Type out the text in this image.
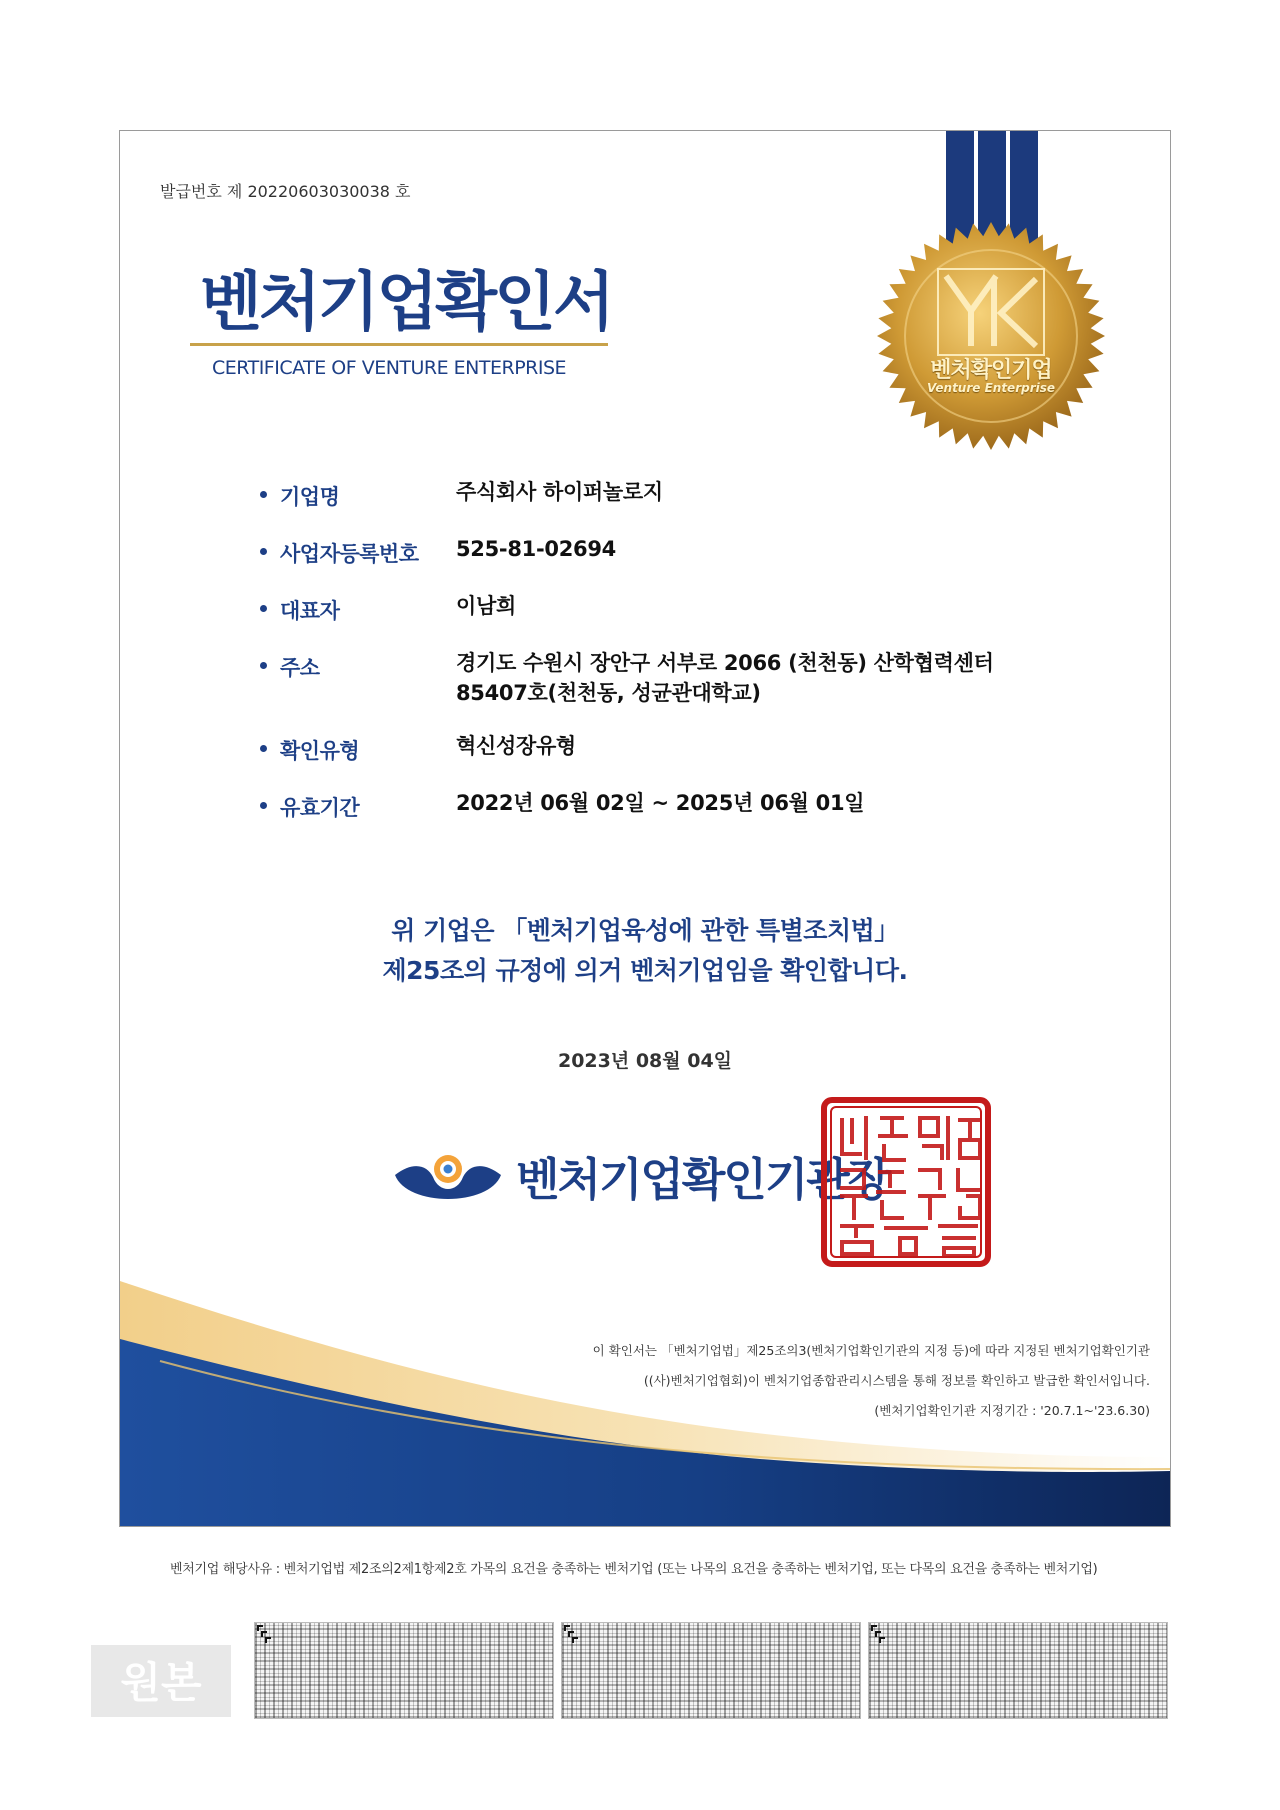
발급번호 제 20220603030038 호
벤처기업확인서
CERTIFICATE OF VENTURE ENTERPRISE	벤처확인기업
Venture Enterprise
기업명	주식회사 하이퍼놀로지
사업자등록번호 525-81-02694
대표자	이남희
주소	경기도 수원시 장안구 서부로 2066 (천천동) 산학협력센터 85407호(천천동, 성균관대학교)
확인유형	혁신성장유형
유효기간	2022년 06월 02일 ~ 2025년 06월 01일
위 기업은 「벤처기업육성에 관한 특별조치법」
제25조의 규정에 의거 벤처기업임을 확인합니다.
2023년 08월 04일
벤처기업확인기관장
이 확인서는 「벤처기업법」제25조의3(벤처기업확인기관의 지정 등)에 따라 지정된 벤처기업확인기관
((사)벤처기업협회)이 벤처기업종합관리시스템을 통해 정보를 확인하고 발급한 확인서입니다.
(벤처기업확인기관 지정기간 : '20.7.1~'23.6.30)
벤처기업 해당사유 : 벤처기업법 제2조의2제1항제2호 가목의 요건을 충족하는 벤처기업 (또는 나목의 요건을 충족하는 벤처기업, 또는 다목의 요건을 충족하는 벤처기업)
원본
